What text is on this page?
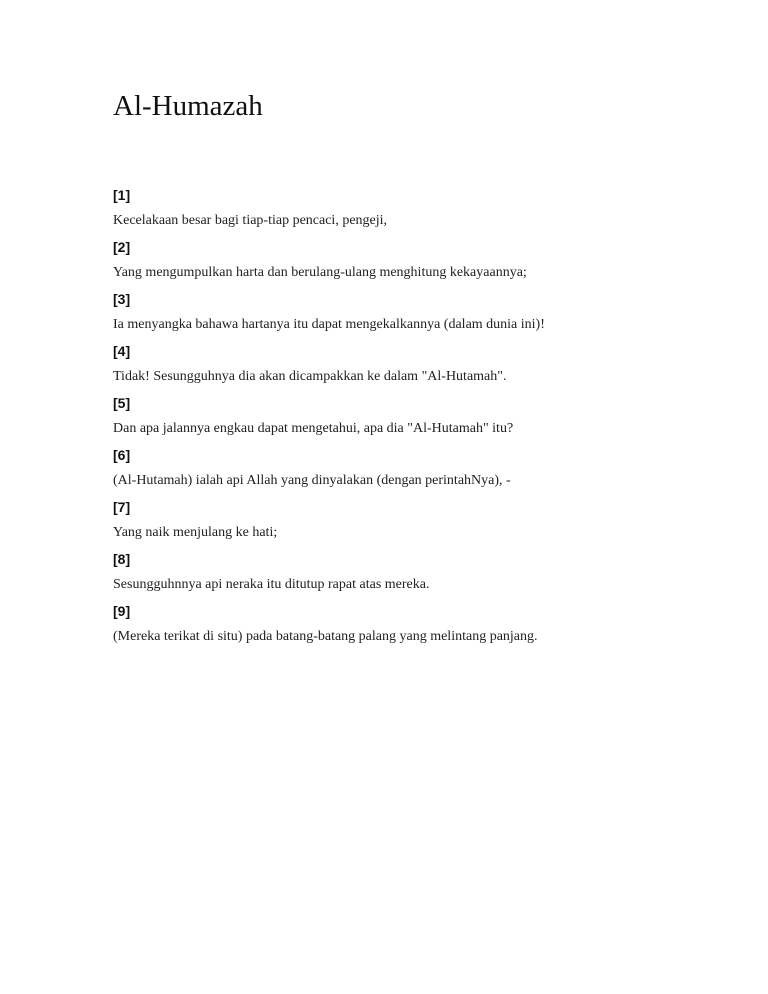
Al-Humazah
[1]
Kecelakaan besar bagi tiap-tiap pencaci, pengeji,
[2]
Yang mengumpulkan harta dan berulang-ulang menghitung kekayaannya;
[3]
Ia menyangka bahawa hartanya itu dapat mengekalkannya (dalam dunia ini)!
[4]
Tidak! Sesungguhnya dia akan dicampakkan ke dalam "Al-Hutamah".
[5]
Dan apa jalannya engkau dapat mengetahui, apa dia "Al-Hutamah" itu?
[6]
(Al-Hutamah) ialah api Allah yang dinyalakan (dengan perintahNya), -
[7]
Yang naik menjulang ke hati;
[8]
Sesungguhnnya api neraka itu ditutup rapat atas mereka.
[9]
(Mereka terikat di situ) pada batang-batang palang yang melintang panjang.
